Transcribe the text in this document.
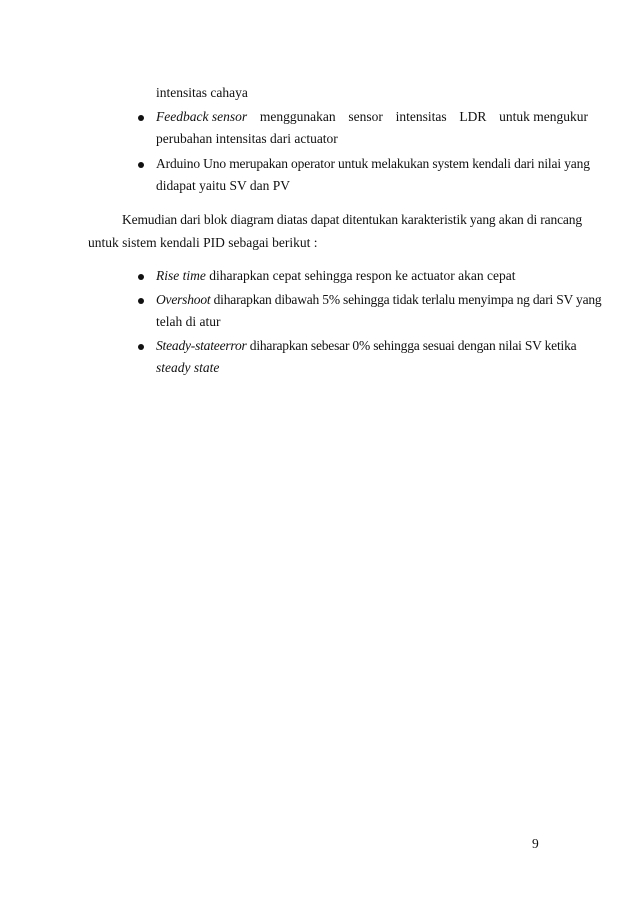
intensitas cahaya
Feedback sensor menggunakan sensor intensitas LDR untuk mengukur
perubahan intensitas dari actuator
Arduino Uno merupakan operator untuk melakukan system kendali dari nilai yang
didapat yaitu SV dan PV
Kemudian dari blok diagram diatas dapat ditentukan karakteristik yang akan di rancang
untuk sistem kendali PID sebagai berikut :
Rise time diharapkan cepat sehingga respon ke actuator akan cepat
Overshoot diharapkan dibawah 5% sehingga tidak terlalu menyimpa ng dari SV yang
telah di atur
Steady-stateerror diharapkan sebesar 0% sehingga sesuai dengan nilai SV ketika
steady state
9
